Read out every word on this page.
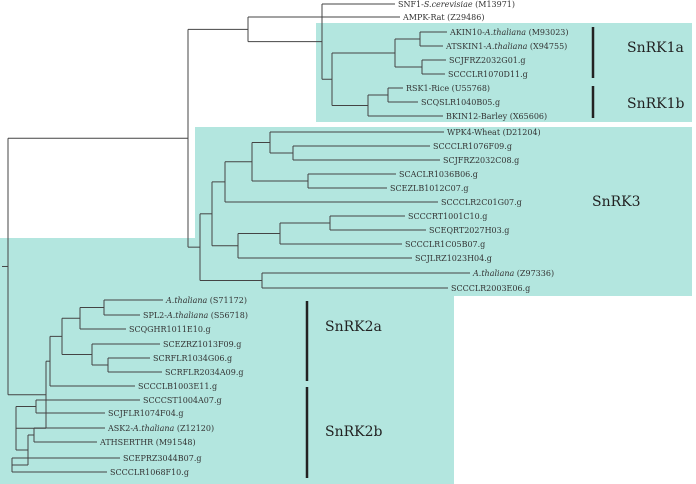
SNF1-S.cerevisiae (M13971)
AMPK-Rat (Z29486)
AKIN10-A.thaliana (M93023)
ATSKIN1-A.thaliana (X94755)
SCJFRZ2032G01.g
SCCCLR1070D11.g
RSK1-Rice (U55768)
SCQSLR1040B05.g
BKIN12-Barley (X65606)
WPK4-Wheat (D21204)
SCCCLR1076F09.g
SCJFRZ2032C08.g
SCACLR1036B06.g
SCEZLB1012C07.g
SCCCLR2C01G07.g
SCCCRT1001C10.g
SCEQRT2027H03.g
SCCCLR1C05B07.g
SCJLRZ1023H04.g
A.thaliana (Z97336)
SCCCLR2003E06.g
A.thaliana (S71172)
SPL2-A.thaliana (S56718)
SCQGHR1011E10.g
SCEZRZ1013F09.g
SCRFLR1034G06.g
SCRFLR2034A09.g
SCCCLB1003E11.g
SCCCST1004A07.g
SCJFLR1074F04.g
ASK2-A.thaliana (Z12120)
ATHSERTHR (M91548)
SCEPRZ3044B07.g
SCCCLR1068F10.g
SnRK1a
SnRK1b
SnRK3
SnRK2a
SnRK2b
